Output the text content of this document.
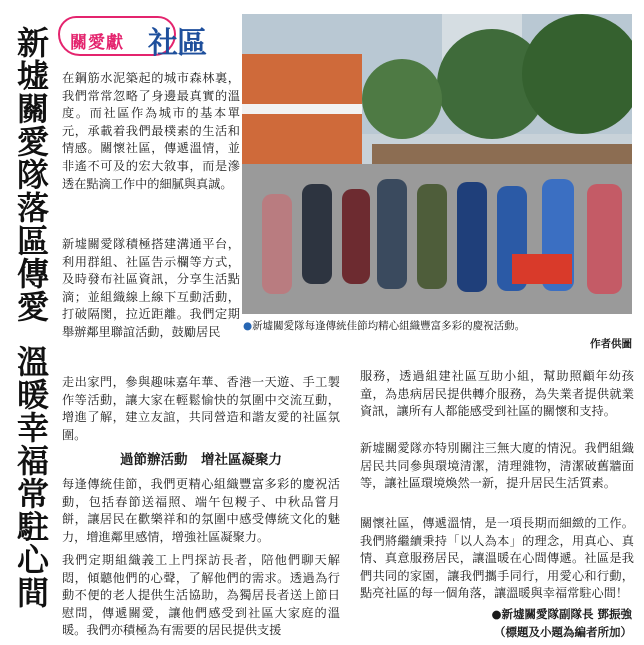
關愛獻 社區
新墟關愛隊落區傳愛
溫暖幸福常駐心間

在鋼筋水泥築起的城市森林裏，我們常常忽略了身邊最真實的溫度。而社區作為城市的基本單元，承載着我們最樸素的生活和情感。關懷社區，傳遞溫情，並非遙不可及的宏大敘事，而是滲透在點滴工作中的細膩與真誠。

新墟關愛隊積極搭建溝通平台，利用群組、社區告示欄等方式，及時發布社區資訊，分享生活點滴；並組織線上線下互動活動，打破隔閡，拉近距離。我們定期舉辦鄰里聯誼活動，鼓勵居民

走出家門，參與趣味嘉年華、香港一天遊、手工製作等活動，讓大家在輕鬆愉快的氛圍中交流互動，增進了解，建立友誼，共同營造和諧友愛的社區氛圍。

●新墟關愛隊每逢傳統佳節均精心組織豐富多彩的慶祝活動。
作者供圖
過節辦活動　增社區凝聚力

每逢傳統佳節，我們更精心組織豐富多彩的慶祝活動，包括春節送福照、端午包糉子、中秋品嘗月餅，讓居民在歡樂祥和的氛圍中感受傳統文化的魅力，增進鄰里感情，增強社區凝聚力。

我們定期組織義工上門探訪長者，陪他們聊天解悶，傾聽他們的心聲，了解他們的需求。透過為行動不便的老人提供生活協助，為獨居長者送上節日慰問，傳遞關愛，讓他們感受到社區大家庭的溫暖。我們亦積極為有需要的居民提供支援

服務，透過組建社區互助小組，幫助照顧年幼孩童，為患病居民提供轉介服務，為失業者提供就業資訊，讓所有人都能感受到社區的關懷和支持。

新墟關愛隊亦特別關注三無大廈的情況。我們組織居民共同參與環境清潔，清理雜物，清潔破舊牆面等，讓社區環境煥然一新，提升居民生活質素。

關懷社區，傳遞溫情，是一項長期而細緻的工作。我們將繼續秉持「以人為本」的理念，用真心、真情、真意服務居民，讓溫暖在心間傳遞。社區是我們共同的家園，讓我們攜手同行，用愛心和行動，點亮社區的每一個角落，讓溫暖與幸福常駐心間！

●新墟關愛隊副隊長 鄧振強
（標題及小題為編者所加）
